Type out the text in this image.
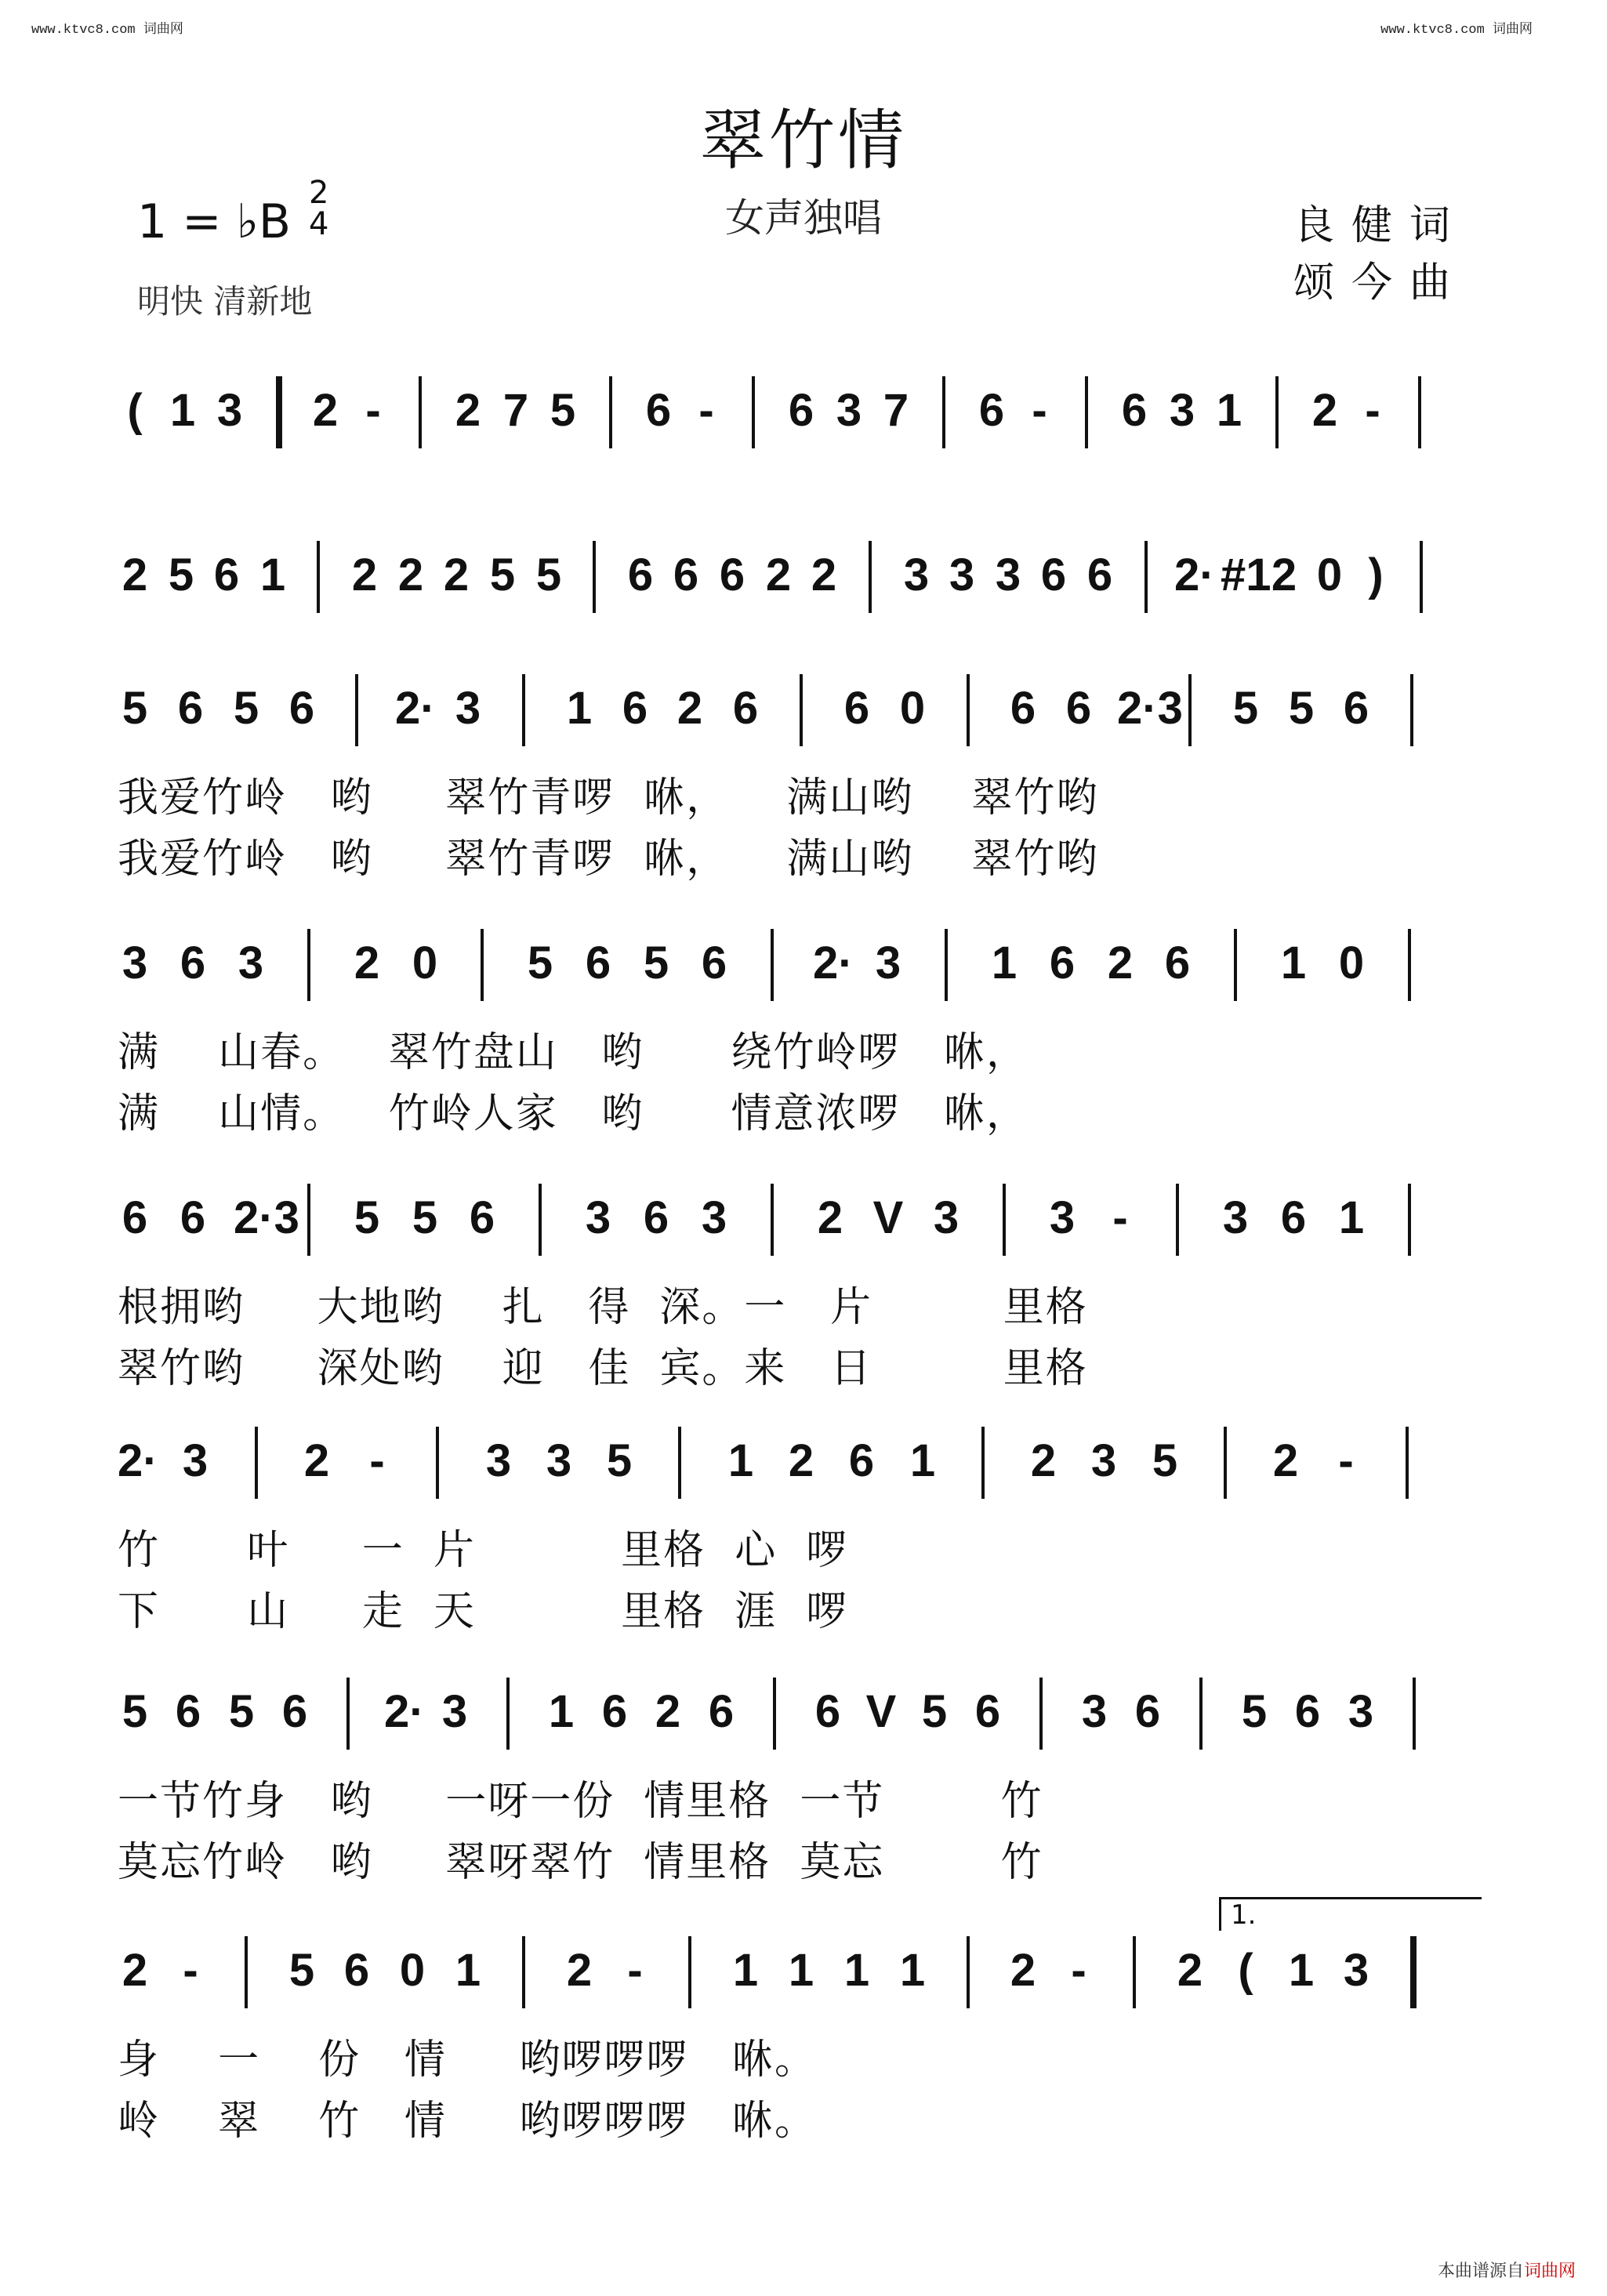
www.ktvc8.com 词曲网	www.ktvc8.com 词曲网
翠竹情
女声独唱
1 = ♭B
2
4
明快 清新地
良健词
颂今曲
( 1 3 2 - 2 7 5 6 - 6 3 7 6 - 6 3 1 2 -
2 5 6 1 2 2 2 5 5 6 6 6 2 2 3 3 3 6 6 2· #1 2 0 )
5 6 5 6 2· 3 1 6 2 6 6 0 6 6 2·3 5 5 6
我爱竹岭   哟     翠竹青啰  咻，    满山哟    翠竹哟
我爱竹岭   哟     翠竹青啰  咻，    满山哟    翠竹哟
3 6 3 2 0 5 6 5 6 2· 3 1 6 2 6 1 0
满    山春。   翠竹盘山   哟      绕竹岭啰   咻，
满    山情。   竹岭人家   哟      情意浓啰   咻，
6 6 2·3 5 5 6 3 6 3 2 V 3 3 - 3 6 1
根拥哟     大地哟    扎   得  深。一   片         里格
翠竹哟     深处哟    迎   佳  宾。来   日         里格
2· 3 2 - 3 3 5 1 2 6 1 2 3 5 2 -
竹      叶     一  片          里格  心  啰
下      山     走  天          里格  涯  啰
5 6 5 6 2· 3 1 6 2 6 6 V 5 6 3 6 5 6 3
一节竹身   哟     一呀一份  情里格  一节        竹
莫忘竹岭   哟     翠呀翠竹  情里格  莫忘        竹
2 - 5 6 0 1 2 - 1 1 1 1 2 - 2 ( 1 3
身    一    份   情     哟啰啰啰   咻。
岭    翠    竹   情     哟啰啰啰   咻。
1.
本曲谱源自词曲网
